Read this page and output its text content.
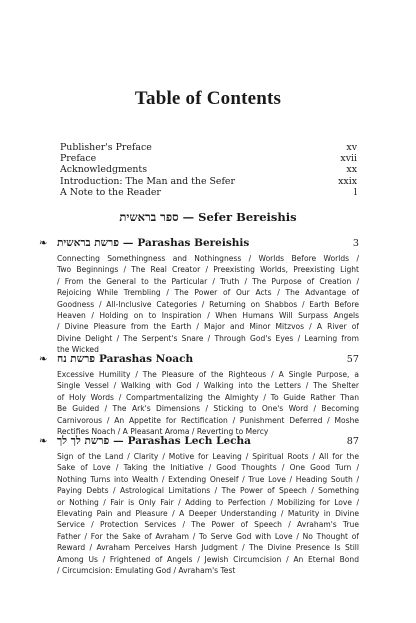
Table of Contents
Publisher's Preface	xv
Preface	xvii
Acknowledgments	xx
Introduction: The Man and the Sefer	xxix
A Note to the Reader	l
ספר בראשית — Sefer Bereishis
❧ פרשת בראשית — Parashas Bereishis	3
Connecting Somethingness and Nothingness / Worlds Before Worlds /
Two Beginnings / The Real Creator / Preexisting Worlds, Preexisting Light
/ From the General to the Particular / Truth / The Purpose of Creation /
Rejoicing While Trembling / The Power of Our Acts / The Advantage of
Goodness / All-Inclusive Categories / Returning on Shabbos / Earth Before
Heaven / Holding on to Inspiration / When Humans Will Surpass Angels
/ Divine Pleasure from the Earth / Major and Minor Mitzvos / A River of
Divine Delight / The Serpent's Snare / Through God's Eyes / Learning from
the Wicked
❧ פרשת נח Parashas Noach	57
Excessive Humility / The Pleasure of the Righteous / A Single Purpose, a
Single Vessel / Walking with God / Walking into the Letters / The Shelter
of Holy Words / Compartmentalizing the Almighty / To Guide Rather Than
Be Guided / The Ark's Dimensions / Sticking to One's Word / Becoming
Carnivorous / An Appetite for Rectification / Punishment Deferred / Moshe
Rectifies Noach / A Pleasant Aroma / Reverting to Mercy
❧ פרשת לך לך — Parashas Lech Lecha	87
Sign of the Land / Clarity / Motive for Leaving / Spiritual Roots / All for the
Sake of Love / Taking the Initiative / Good Thoughts / One Good Turn /
Nothing Turns into Wealth / Extending Oneself / True Love / Heading South /
Paying Debts / Astrological Limitations / The Power of Speech / Something
or Nothing / Fair is Only Fair / Adding to Perfection / Mobilizing for Love /
Elevating Pain and Pleasure / A Deeper Understanding / Maturity in Divine
Service / Protection Services / The Power of Speech / Avraham's True
Father / For the Sake of Avraham / To Serve God with Love / No Thought of
Reward / Avraham Perceives Harsh Judgment / The Divine Presence Is Still
Among Us / Frightened of Angels / Jewish Circumcision / An Eternal Bond
/ Circumcision: Emulating God / Avraham's Test
